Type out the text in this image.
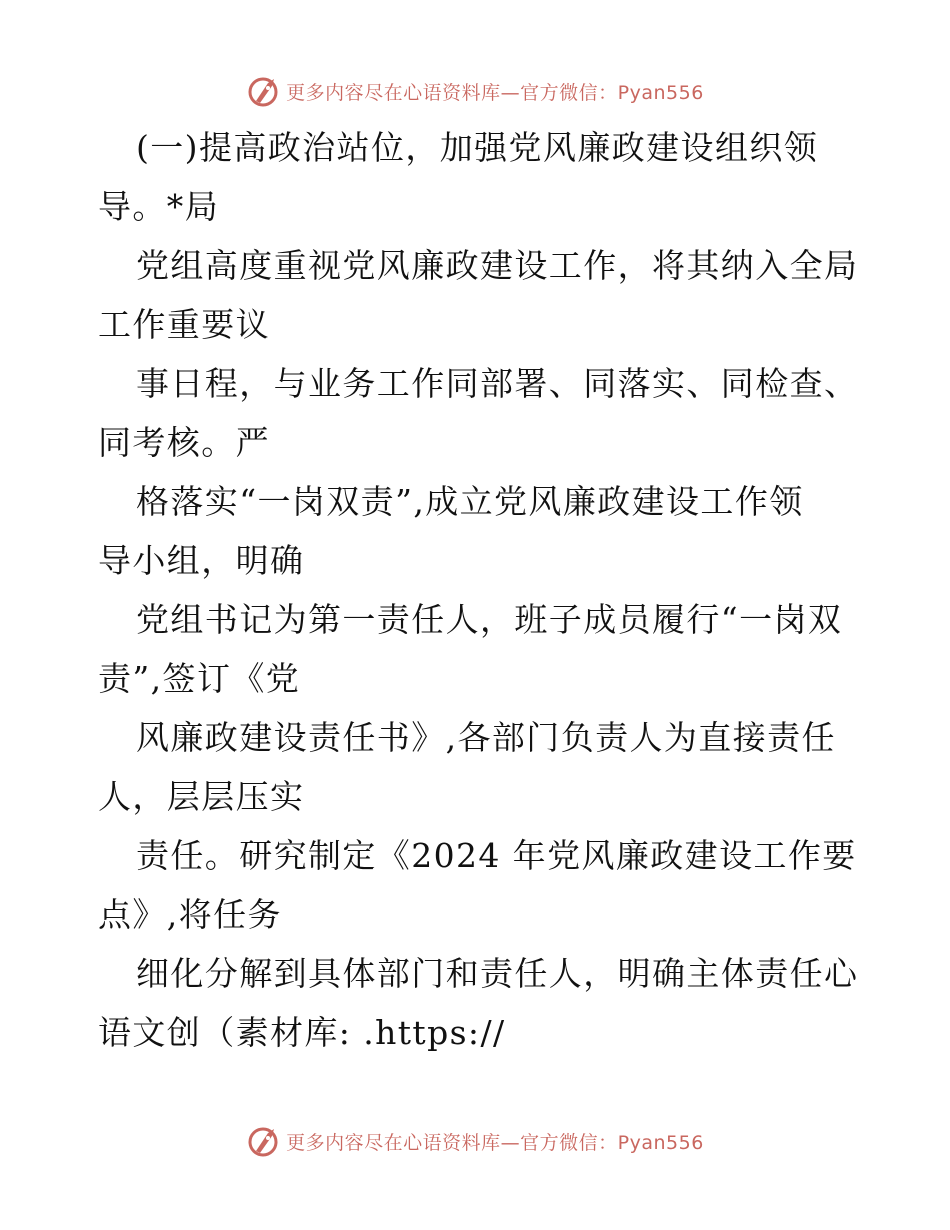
更多内容尽在心语资料库—官方微信：Pyan556
(一)提高政治站位，加强党风廉政建设组织领
导。*局
党组高度重视党风廉政建设工作，将其纳入全局
工作重要议
事日程，与业务工作同部署、同落实、同检查、
同考核。严
格落实“一岗双责”,成立党风廉政建设工作领
导小组，明确
党组书记为第一责任人，班子成员履行“一岗双
责”,签订《党
风廉政建设责任书》,各部门负责人为直接责任
人，层层压实
责任。研究制定《2024 年党风廉政建设工作要
点》,将任务
细化分解到具体部门和责任人，明确主体责任心
语文创（素材库: .https://
更多内容尽在心语资料库—官方微信：Pyan556
